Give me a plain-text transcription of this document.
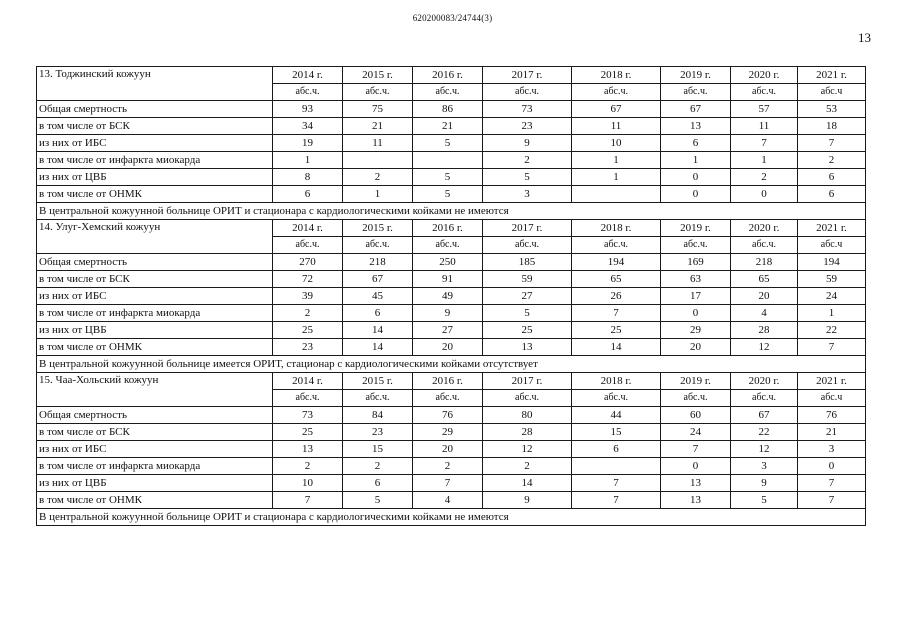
620200083/24744(3)
13
13. Тоджинский кожуун	2014 г.	2015 г.	2016 г.	2017 г.	2018 г.	2019 г.	2020 г.	2021 г.
	абс.ч.	абс.ч.	абс.ч.	абс.ч.	абс.ч.	абс.ч.	абс.ч.	абс.ч
Общая смертность	93	75	86	73	67	67	57	53
в том числе от БСК	34	21	21	23	11	13	11	18
из них от ИБС	19	11	5	9	10	6	7	7
в том числе от инфаркта миокарда	1			2	1	1	1	2
из них от ЦВБ	8	2	5	5	1	0	2	6
в том числе от ОНМК	6	1	5	3		0	0	6
В центральной кожуунной больнице ОРИТ и стационара с кардиологическими койками не имеются								
14. Улуг-Хемский кожуун	2014 г.	2015 г.	2016 г.	2017 г.	2018 г.	2019 г.	2020 г.	2021 г.
	абс.ч.	абс.ч.	абс.ч.	абс.ч.	абс.ч.	абс.ч.	абс.ч.	абс.ч
Общая смертность	270	218	250	185	194	169	218	194
в том числе от БСК	72	67	91	59	65	63	65	59
из них от ИБС	39	45	49	27	26	17	20	24
в том числе от инфаркта миокарда	2	6	9	5	7	0	4	1
из них от ЦВБ	25	14	27	25	25	29	28	22
в том числе от ОНМК	23	14	20	13	14	20	12	7
В центральной кожуунной больнице имеется ОРИТ, стационар с кардиологическими койками отсутствует								
15. Чаа-Хольский кожуун	2014 г.	2015 г.	2016 г.	2017 г.	2018 г.	2019 г.	2020 г.	2021 г.
	абс.ч.	абс.ч.	абс.ч.	абс.ч.	абс.ч.	абс.ч.	абс.ч.	абс.ч
Общая смертность	73	84	76	80	44	60	67	76
в том числе от БСК	25	23	29	28	15	24	22	21
из них от ИБС	13	15	20	12	6	7	12	3
в том числе от инфаркта миокарда	2	2	2	2		0	3	0
из них от ЦВБ	10	6	7	14	7	13	9	7
в том числе от ОНМК	7	5	4	9	7	13	5	7
В центральной кожуунной больнице ОРИТ и стационара с кардиологическими койками не имеются								
